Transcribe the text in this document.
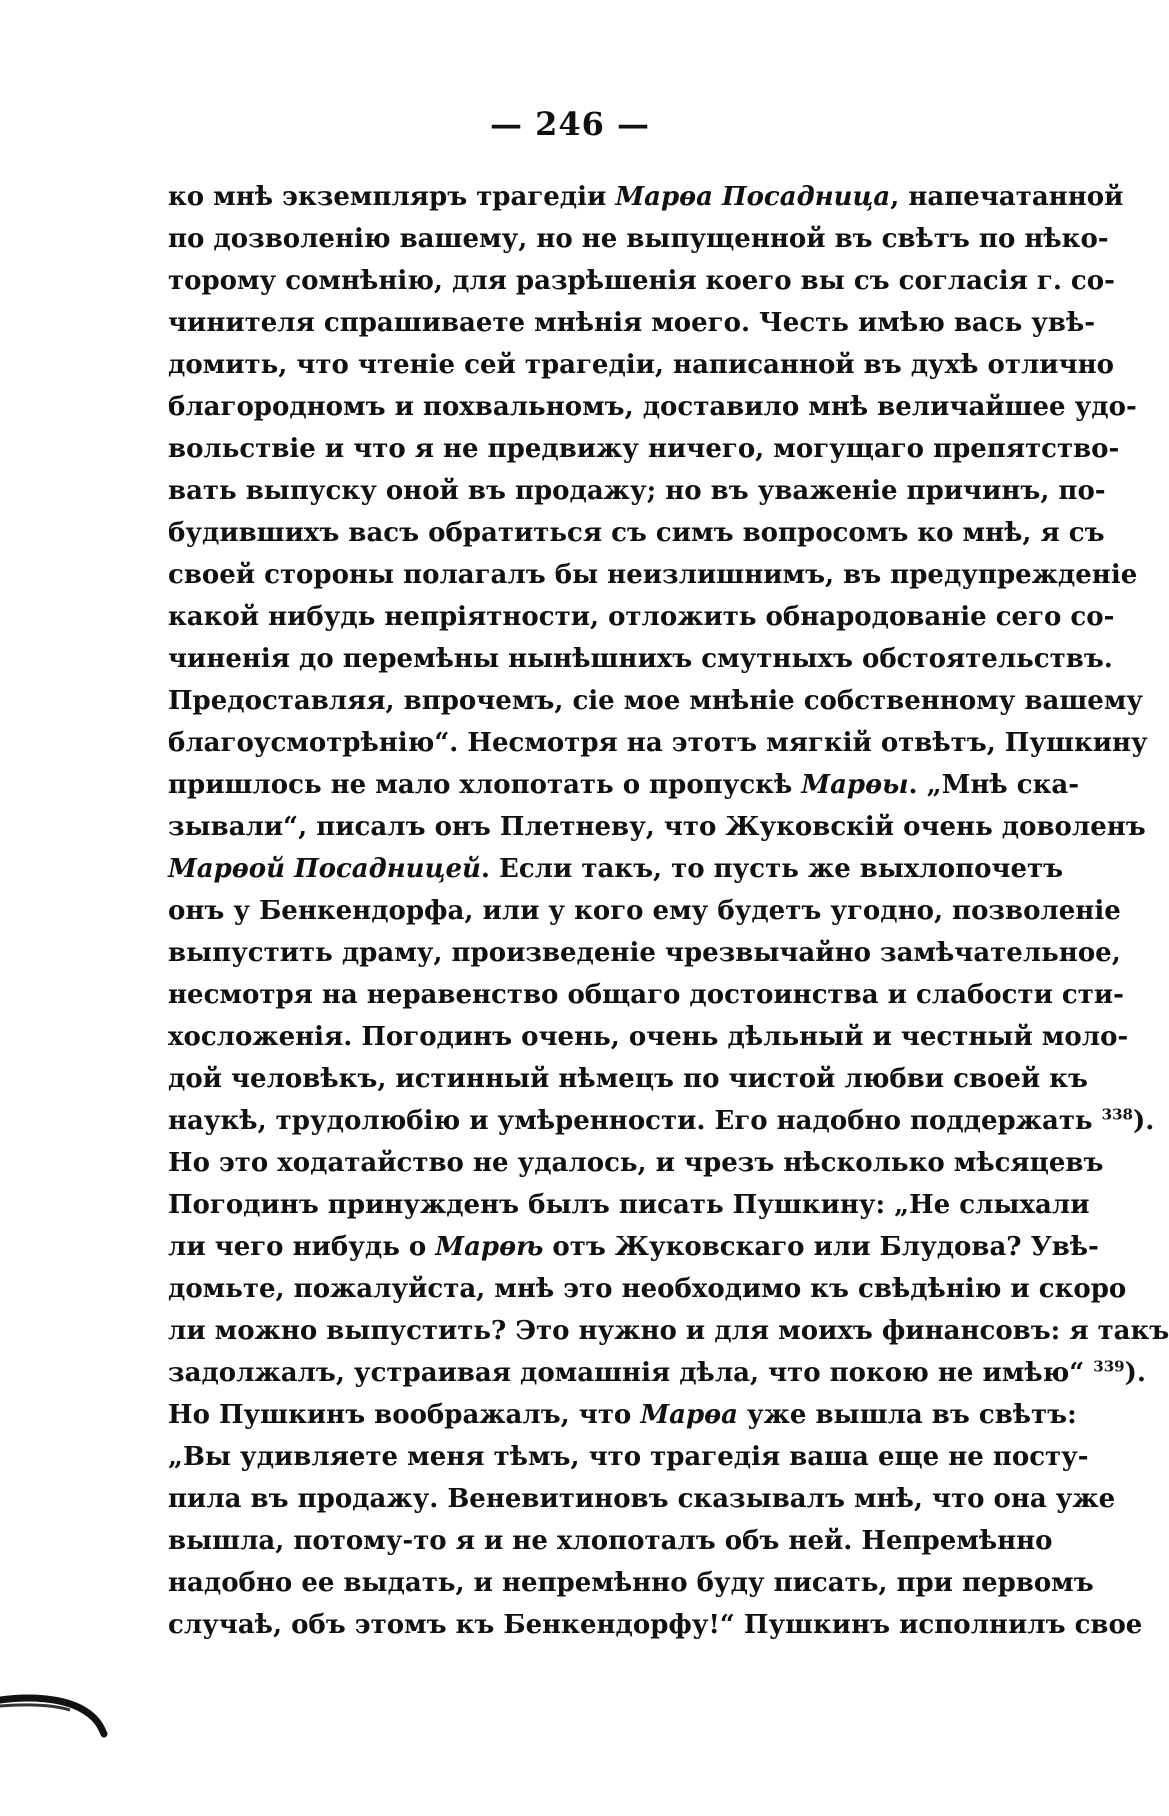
— 246 —
ко мнѣ экземпляръ трагедіи Марѳа Посадница, напечатанной
по дозволенію вашему, но не выпущенной въ свѣтъ по нѣко-
торому сомнѣнію, для разрѣшенія коего вы съ согласія г. со-
чинителя спрашиваете мнѣнія моего. Честь имѣю вась увѣ-
домить, что чтеніе сей трагедіи, написанной въ духѣ отлично
благородномъ и похвальномъ, доставило мнѣ величайшее удо-
вольствіе и что я не предвижу ничего, могущаго препятство-
вать выпуску оной въ продажу; но въ уваженіе причинъ, по-
будившихъ васъ обратиться съ симъ вопросомъ ко мнѣ, я съ
своей стороны полагалъ бы неизлишнимъ, въ предупрежденіе
какой нибудь непріятности, отложить обнародованіе сего со-
чиненія до перемѣны нынѣшнихъ смутныхъ обстоятельствъ.
Предоставляя, впрочемъ, сіе мое мнѣніе собственному вашему
благоусмотрѣнію“. Несмотря на этотъ мягкій отвѣтъ, Пушкину
пришлось не мало хлопотать о пропускѣ Марѳы. „Мнѣ ска-
зывали“, писалъ онъ Плетневу, что Жуковскій очень доволенъ
Марѳой Посадницей. Если такъ, то пусть же выхлопочетъ
онъ у Бенкендорфа, или у кого ему будетъ угодно, позволеніе
выпустить драму, произведеніе чрезвычайно замѣчательное,
несмотря на неравенство общаго достоинства и слабости сти-
хосложенія. Погодинъ очень, очень дѣльный и честный моло-
дой человѣкъ, истинный нѣмецъ по чистой любви своей къ
наукѣ, трудолюбію и умѣренности. Его надобно поддержать $^{338}$).
Но это ходатайство не удалось, и чрезъ нѣсколько мѣсяцевъ
Погодинъ принужденъ былъ писать Пушкину: „Не слыхали
ли чего нибудь о Марѳѣ отъ Жуковскаго или Блудова? Увѣ-
домьте, пожалуйста, мнѣ это необходимо къ свѣдѣнію и скоро
ли можно выпустить? Это нужно и для моихъ финансовъ: я такъ
задолжалъ, устраивая домашнія дѣла, что покою не имѣю“ $^{339}$).
Но Пушкинъ воображалъ, что Марѳа уже вышла въ свѣтъ:
„Вы удивляете меня тѣмъ, что трагедія ваша еще не посту-
пила въ продажу. Веневитиновъ сказывалъ мнѣ, что она уже
вышла, потому-то я и не хлопоталъ объ ней. Непремѣнно
надобно ее выдать, и непремѣнно буду писать, при первомъ
случаѣ, объ этомъ къ Бенкендорфу!“ Пушкинъ исполнилъ свое
